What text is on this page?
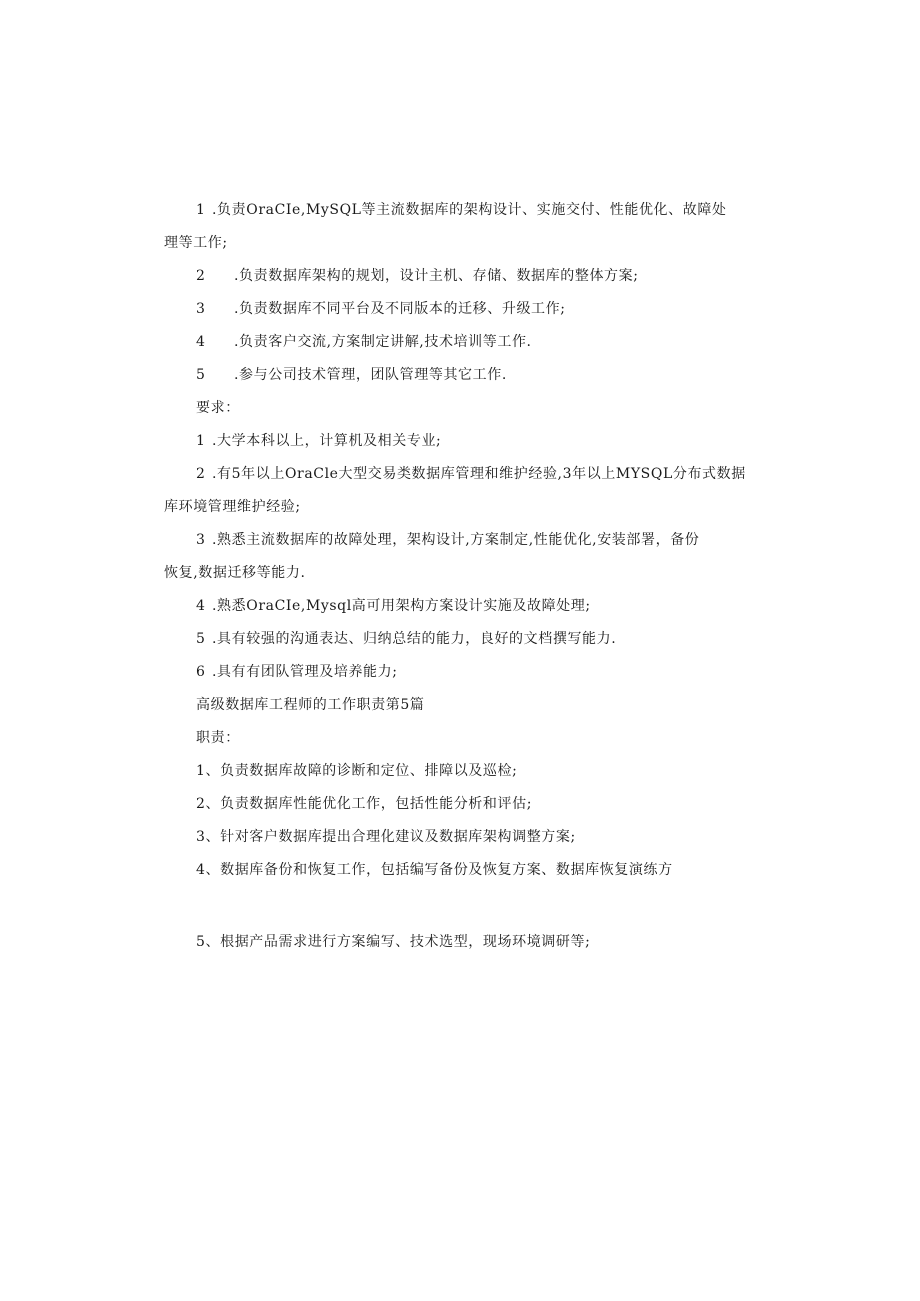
1 .负责OraCIe,MySQL等主流数据库的架构设计、实施交付、性能优化、故障处
理等工作;
2 .负责数据库架构的规划，设计主机、存储、数据库的整体方案;
3 .负责数据库不同平台及不同版本的迁移、升级工作;
4 .负责客户交流,方案制定讲解,技术培训等工作.
5 .参与公司技术管理，团队管理等其它工作.
要求：
1 .大学本科以上，计算机及相关专业;
2 .有5年以上OraCle大型交易类数据库管理和维护经验,3年以上MYSQL分布式数据
库环境管理维护经验;
3 .熟悉主流数据库的故障处理，架构设计,方案制定,性能优化,安装部署，备份
恢复,数据迁移等能力.
4 .熟悉OraCIe,Mysql高可用架构方案设计实施及故障处理;
5 .具有较强的沟通表达、归纳总结的能力，良好的文档撰写能力.
6 .具有有团队管理及培养能力;
高级数据库工程师的工作职责第5篇
职责：
1、负责数据库故障的诊断和定位、排障以及巡检;
2、负责数据库性能优化工作，包括性能分析和评估;
3、针对客户数据库提出合理化建议及数据库架构调整方案;
4、数据库备份和恢复工作，包括编写备份及恢复方案、数据库恢复演练方
5、根据产品需求进行方案编写、技术选型，现场环境调研等;
